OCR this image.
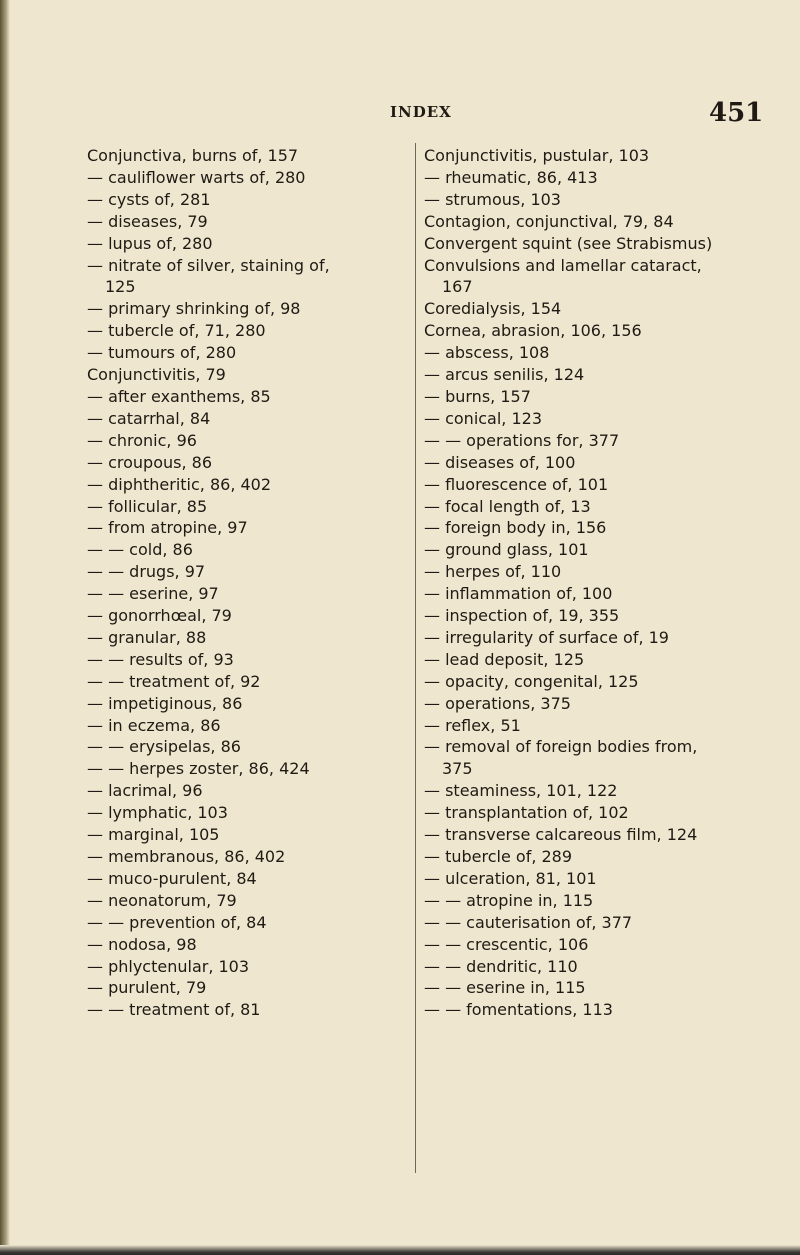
INDEX	451
Conjunctiva, burns of, 157
— cauliflower warts of, 280
— cysts of, 281
— diseases, 79
— lupus of, 280
— nitrate of silver, staining of,
125
— primary shrinking of, 98
— tubercle of, 71, 280
— tumours of, 280
Conjunctivitis, 79
— after exanthems, 85
— catarrhal, 84
— chronic, 96
— croupous, 86
— diphtheritic, 86, 402
— follicular, 85
— from atropine, 97
— — cold, 86
— — drugs, 97
— — eserine, 97
— gonorrhœal, 79
— granular, 88
— — results of, 93
— — treatment of, 92
— impetiginous, 86
— in eczema, 86
— — erysipelas, 86
— — herpes zoster, 86, 424
— lacrimal, 96
— lymphatic, 103
— marginal, 105
— membranous, 86, 402
— muco-purulent, 84
— neonatorum, 79
— — prevention of, 84
— nodosa, 98
— phlyctenular, 103
— purulent, 79
— — treatment of, 81
Conjunctivitis, pustular, 103
— rheumatic, 86, 413
— strumous, 103
Contagion, conjunctival, 79, 84
Convergent squint (see Strabismus)
Convulsions and lamellar cataract,
167
Coredialysis, 154
Cornea, abrasion, 106, 156
— abscess, 108
— arcus senilis, 124
— burns, 157
— conical, 123
— — operations for, 377
— diseases of, 100
— fluorescence of, 101
— focal length of, 13
— foreign body in, 156
— ground glass, 101
— herpes of, 110
— inflammation of, 100
— inspection of, 19, 355
— irregularity of surface of, 19
— lead deposit, 125
— opacity, congenital, 125
— operations, 375
— reflex, 51
— removal of foreign bodies from,
375
— steaminess, 101, 122
— transplantation of, 102
— transverse calcareous film, 124
— tubercle of, 289
— ulceration, 81, 101
— — atropine in, 115
— — cauterisation of, 377
— — crescentic, 106
— — dendritic, 110
— — eserine in, 115
— — fomentations, 113
